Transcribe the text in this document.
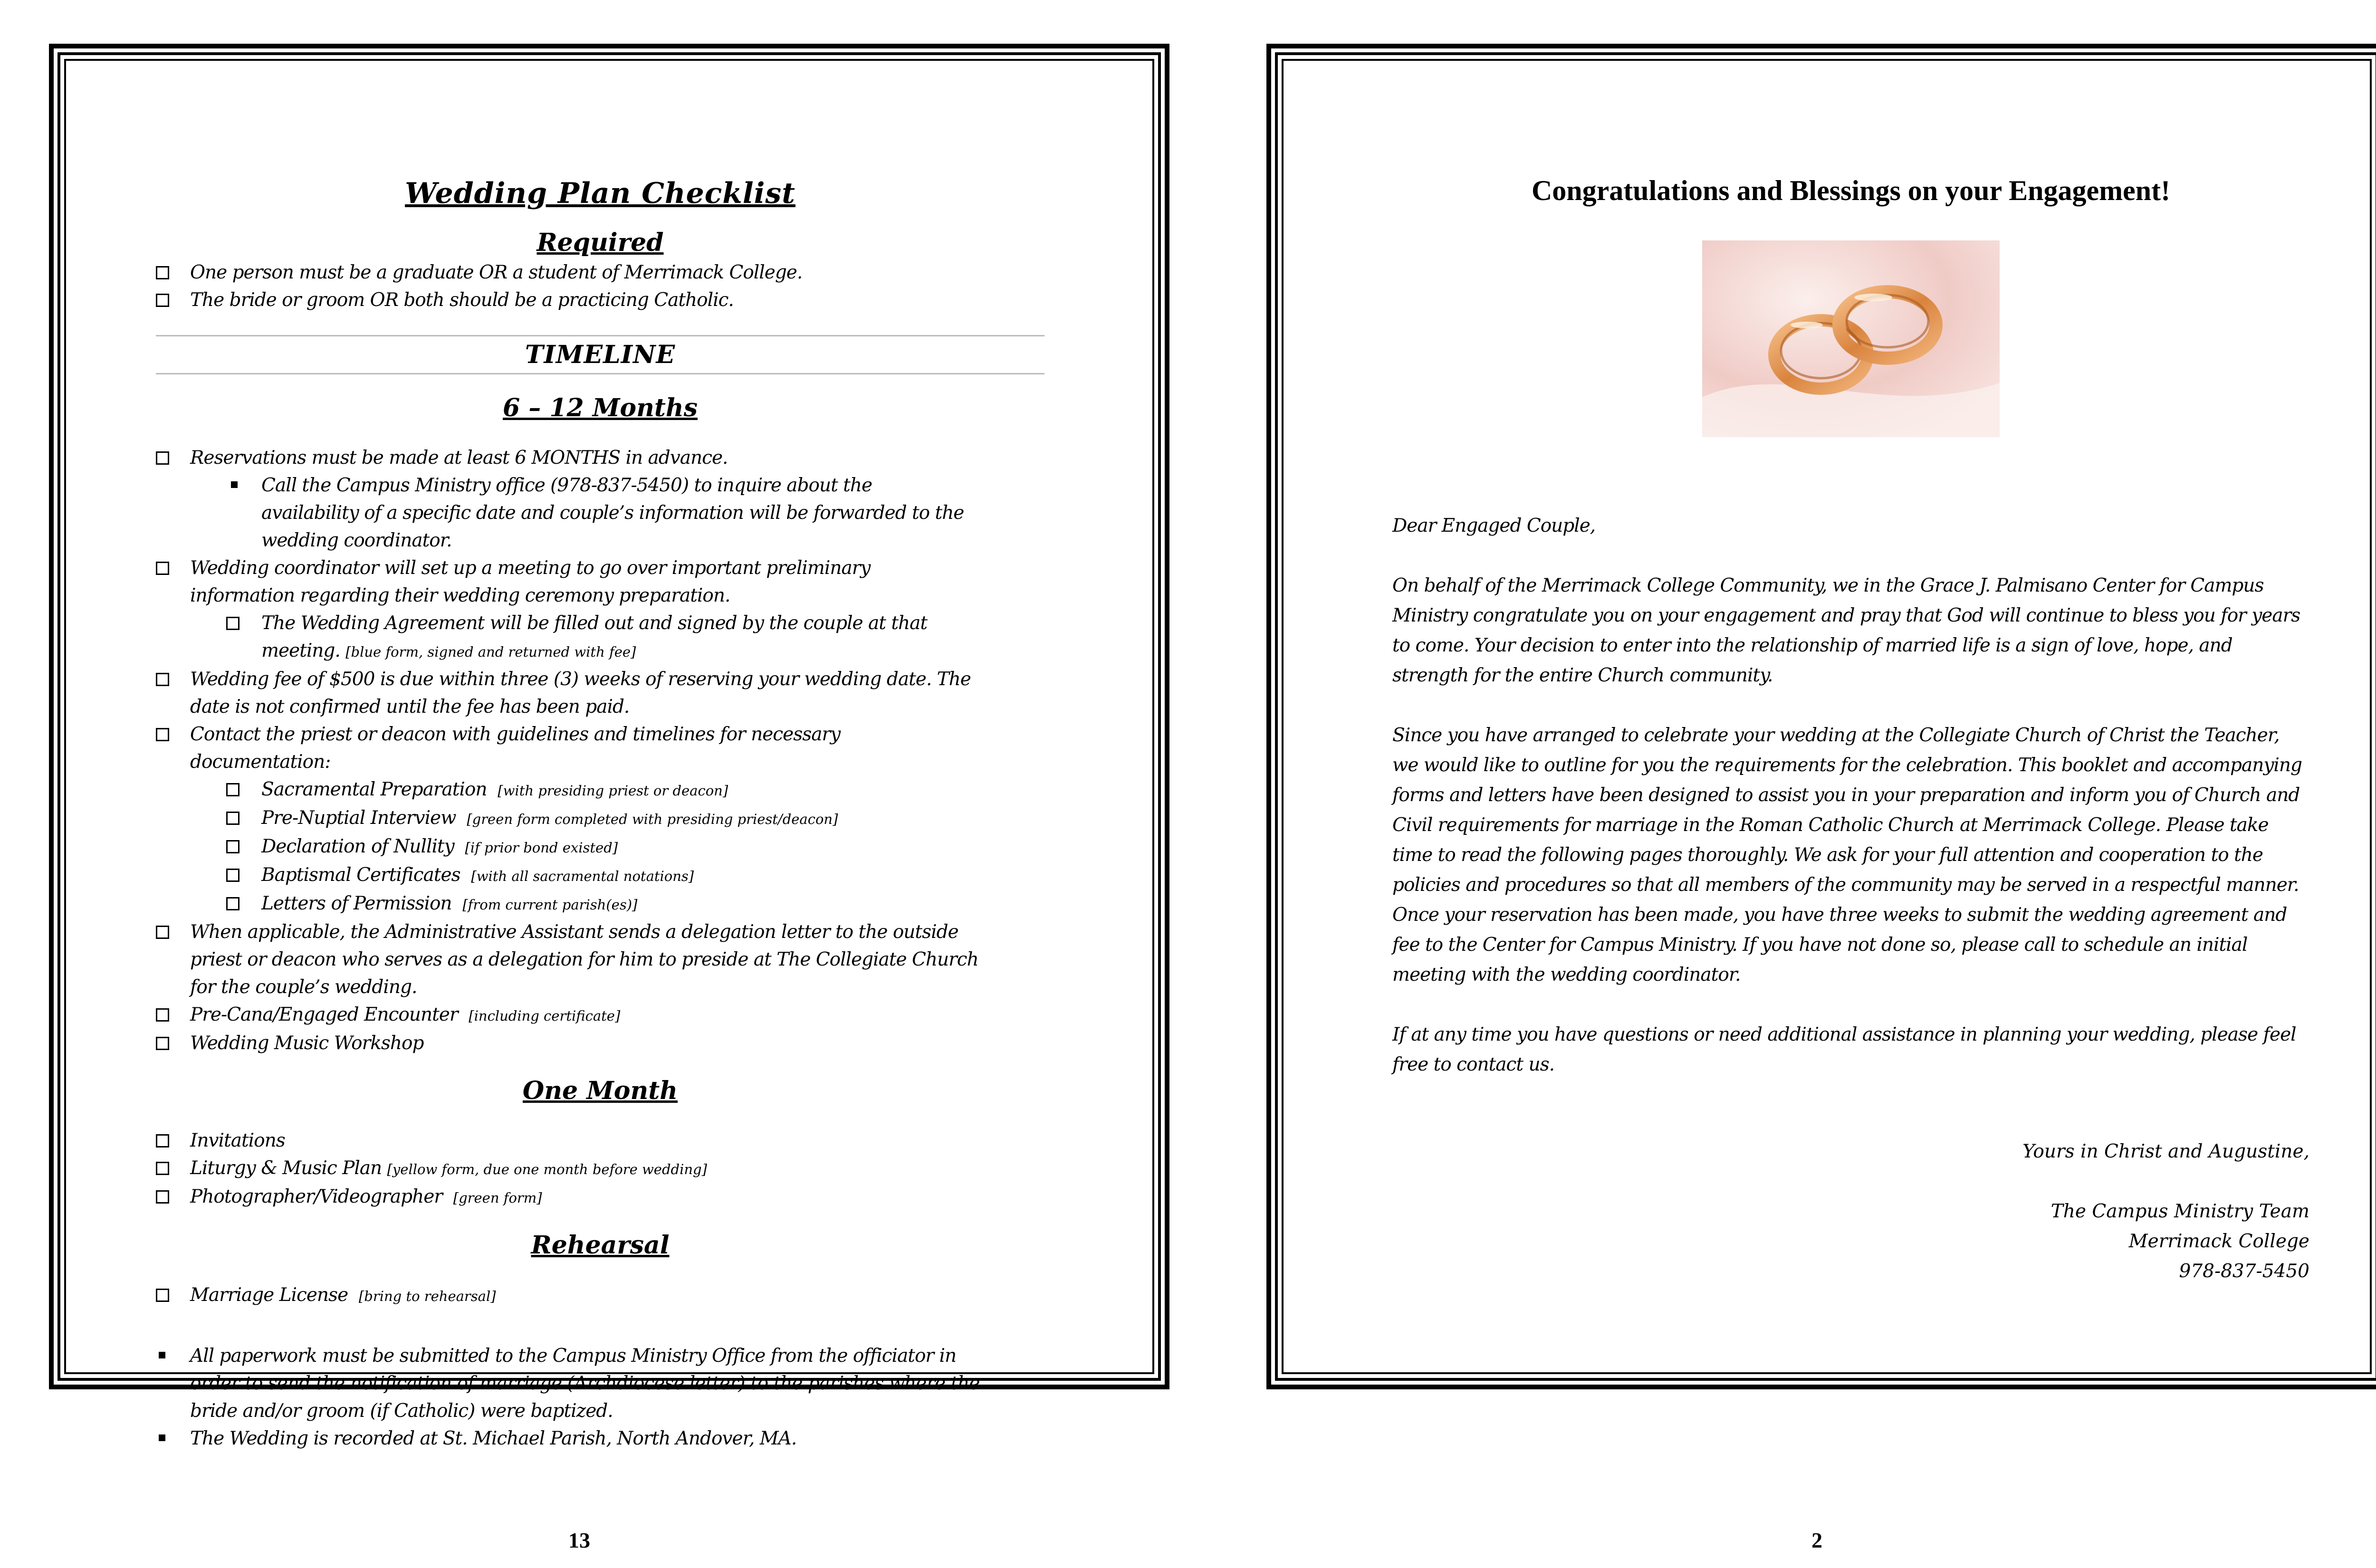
Wedding Plan Checklist
Required
One person must be a graduate OR a student of Merrimack College.
The bride or groom OR both should be a practicing Catholic.
TIMELINE
6 – 12 Months
Reservations must be made at least 6 MONTHS in advance.
Call the Campus Ministry office (978-837-5450) to inquire about the
availability of a specific date and couple’s information will be forwarded to the
wedding coordinator.
Wedding coordinator will set up a meeting to go over important preliminary
information regarding their wedding ceremony preparation.
The Wedding Agreement will be filled out and signed by the couple at that
meeting. [blue form, signed and returned with fee]
Wedding fee of $500 is due within three (3) weeks of reserving your wedding date. The
date is not confirmed until the fee has been paid.
Contact the priest or deacon with guidelines and timelines for necessary
documentation:
Sacramental Preparation [with presiding priest or deacon]
Pre-Nuptial Interview [green form completed with presiding priest/deacon]
Declaration of Nullity [if prior bond existed]
Baptismal Certificates [with all sacramental notations]
Letters of Permission [from current parish(es)]
When applicable, the Administrative Assistant sends a delegation letter to the outside
priest or deacon who serves as a delegation for him to preside at The Collegiate Church
for the couple’s wedding.
Pre-Cana/Engaged Encounter [including certificate]
Wedding Music Workshop
One Month
Invitations
Liturgy & Music Plan [yellow form, due one month before wedding]
Photographer/Videographer [green form]
Rehearsal
Marriage License [bring to rehearsal]
All paperwork must be submitted to the Campus Ministry Office from the officiator in
order to send the notification of marriage (Archdiocese letter) to the parishes where the
bride and/or groom (if Catholic) were baptized.
The Wedding is recorded at St. Michael Parish, North Andover, MA.
13
Congratulations and Blessings on your Engagement!

Dear Engaged Couple,

On behalf of the Merrimack College Community, we in the Grace J. Palmisano Center for Campus Ministry congratulate you on your engagement and pray that God will continue to bless you for years to come. Your decision to enter into the relationship of married life is a sign of love, hope, and strength for the entire Church community.

Since you have arranged to celebrate your wedding at the Collegiate Church of Christ the Teacher, we would like to outline for you the requirements for the celebration. This booklet and accompanying forms and letters have been designed to assist you in your preparation and inform you of Church and Civil requirements for marriage in the Roman Catholic Church at Merrimack College. Please take time to read the following pages thoroughly. We ask for your full attention and cooperation to the policies and procedures so that all members of the community may be served in a respectful manner. Once your reservation has been made, you have three weeks to submit the wedding agreement and fee to the Center for Campus Ministry. If you have not done so, please call to schedule an initial meeting with the wedding coordinator.

If at any time you have questions or need additional assistance in planning your wedding, please feel free to contact us.

Yours in Christ and Augustine,
The Campus Ministry Team
Merrimack College
978-837-5450
2
